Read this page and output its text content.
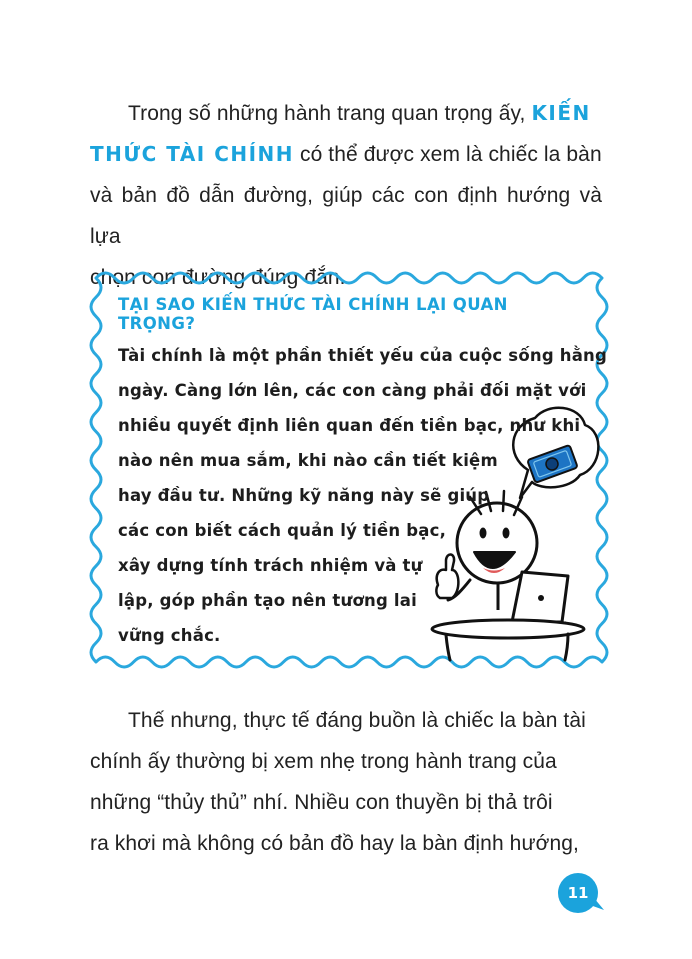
Trong số những hành trang quan trọng ấy, KIẾN
THỨC TÀI CHÍNH có thể được xem là chiếc la bàn
và bản đồ dẫn đường, giúp các con định hướng và lựa
chọn con đường đúng đắn.
TẠI SAO KIẾN THỨC TÀI CHÍNH LẠI QUAN TRỌNG?
Tài chính là một phần thiết yếu của cuộc sống hằng
ngày. Càng lớn lên, các con càng phải đối mặt với
nhiều quyết định liên quan đến tiền bạc, như khi
nào nên mua sắm, khi nào cần tiết kiệm
hay đầu tư. Những kỹ năng này sẽ giúp
các con biết cách quản lý tiền bạc,
xây dựng tính trách nhiệm và tự
lập, góp phần tạo nên tương lai
vững chắc.
Thế nhưng, thực tế đáng buồn là chiếc la bàn tài
chính ấy thường bị xem nhẹ trong hành trang của
những “thủy thủ” nhí. Nhiều con thuyền bị thả trôi
ra khơi mà không có bản đồ hay la bàn định hướng,
11
